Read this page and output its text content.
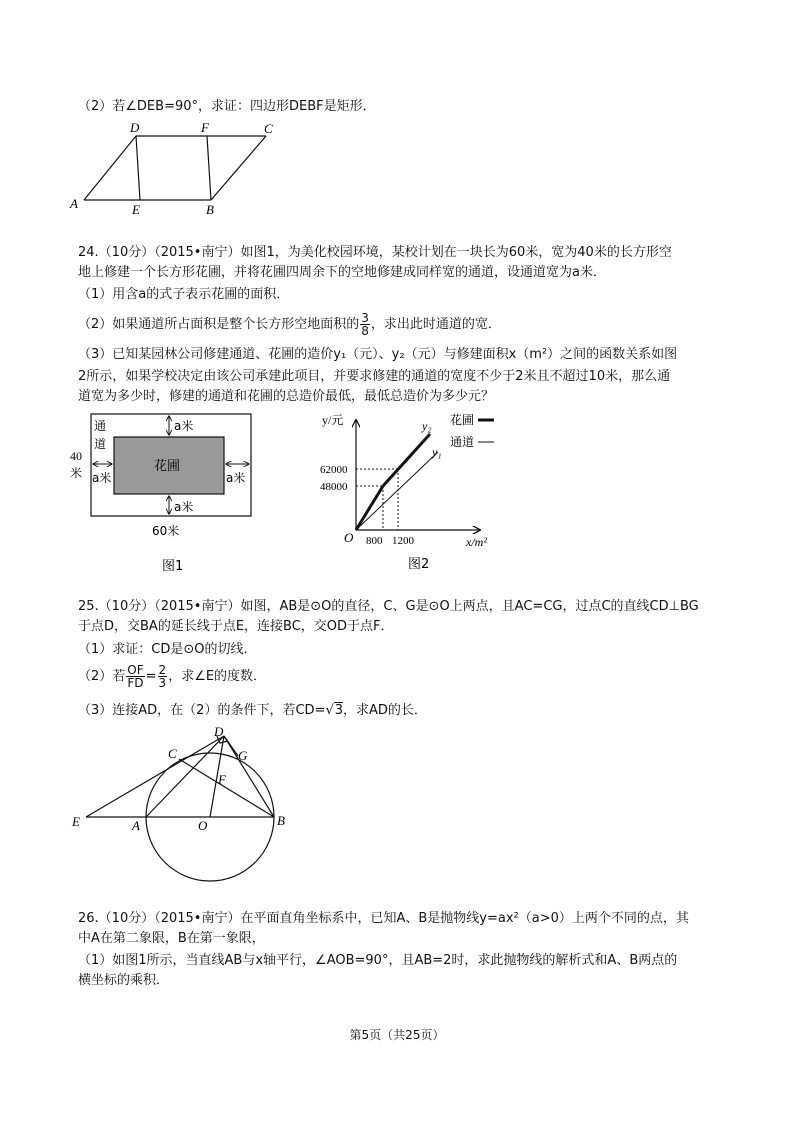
（2）若∠DEB=90°，求证：四边形DEBF是矩形．
D	F	C
A	E	B
24.（10分）（2015•南宁）如图1，为美化校园环境，某校计划在一块长为60米，宽为40米的长方形空
地上修建一个长方形花圃，并将花圃四周余下的空地修建成同样宽的通道，设通道宽为a米．
（1）用含a的式子表示花圃的面积．
（2）如果通道所占面积是整个长方形空地面积的 $\frac{3}{8}$ ，求出此时通道的宽．
（3）已知某园林公司修建通道、花圃的造价y₁（元）、y₂（元）与修建面积x（m²）之间的函数关系如图
2所示，如果学校决定由该公司承建此项目，并要求修建的通道的宽度不少于2米且不超过10米，那么通
道宽为多少时，修建的通道和花圃的总造价最低，最低总造价为多少元？
通
道
40
米
a米
a米
a米	a米
花圃
60米
图1
y/元
x/m²
y₂
y₁
花圃
通道
62000
48000
800 1200
O
图2
25.（10分）（2015•南宁）如图，AB是⊙O的直径，C、G是⊙O上两点，且AC=CG，过点C的直线CD⊥BG
于点D，交BA的延长线于点E，连接BC，交OD于点F．
（1）求证：CD是⊙O的切线．
（2）若 $\frac{OF}{FD} = \frac{2}{3}$ ，求∠E的度数．
（3）连接AD，在（2）的条件下，若CD=√3，求AD的长．
C
D
G
F
E	A	O	B
26.（10分）（2015•南宁）在平面直角坐标系中，已知A、B是抛物线y=ax²（a>0）上两个不同的点，其
中A在第二象限，B在第一象限，
（1）如图1所示，当直线AB与x轴平行，∠AOB=90°，且AB=2时，求此抛物线的解析式和A、B两点的
横坐标的乘积．
第5页（共25页）
